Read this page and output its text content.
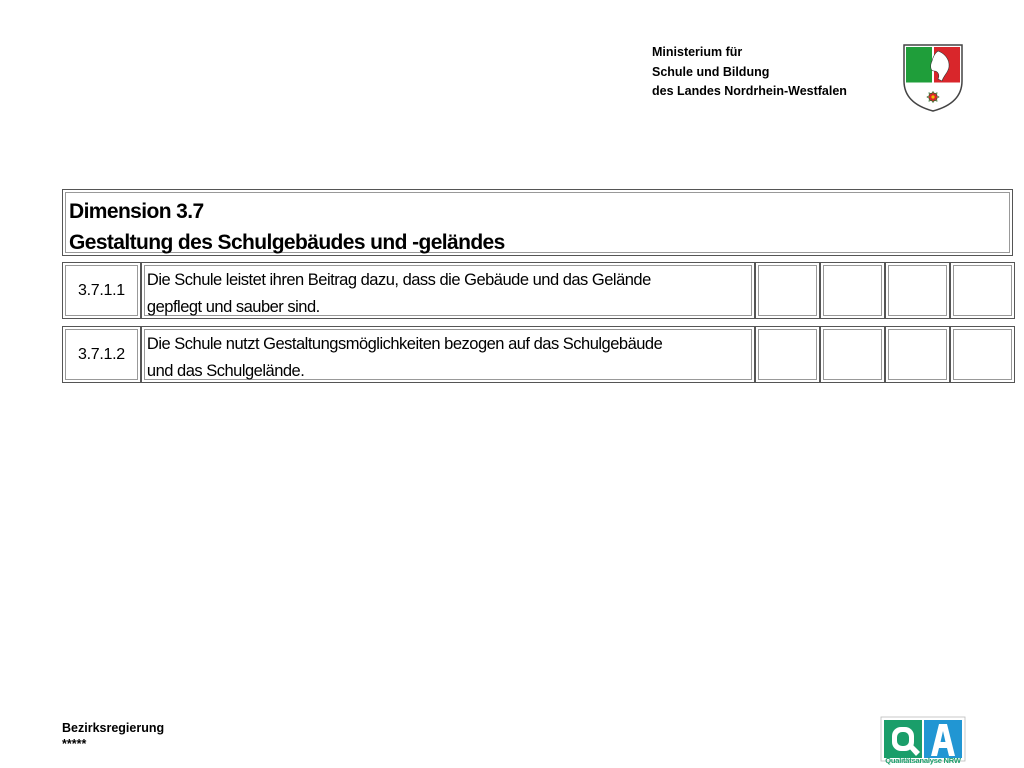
Ministerium für
Schule und Bildung
des Landes Nordrhein-Westfalen
Dimension 3.7
Gestaltung des Schulgebäudes und -geländes
3.7.1.1
Die Schule leistet ihren Beitrag dazu, dass die Gebäude und das Gelände
gepflegt und sauber sind.
3.7.1.2
Die Schule nutzt Gestaltungsmöglichkeiten bezogen auf das Schulgebäude
und das Schulgelände.
Bezirksregierung
*****
Qualitätsanalyse NRW
